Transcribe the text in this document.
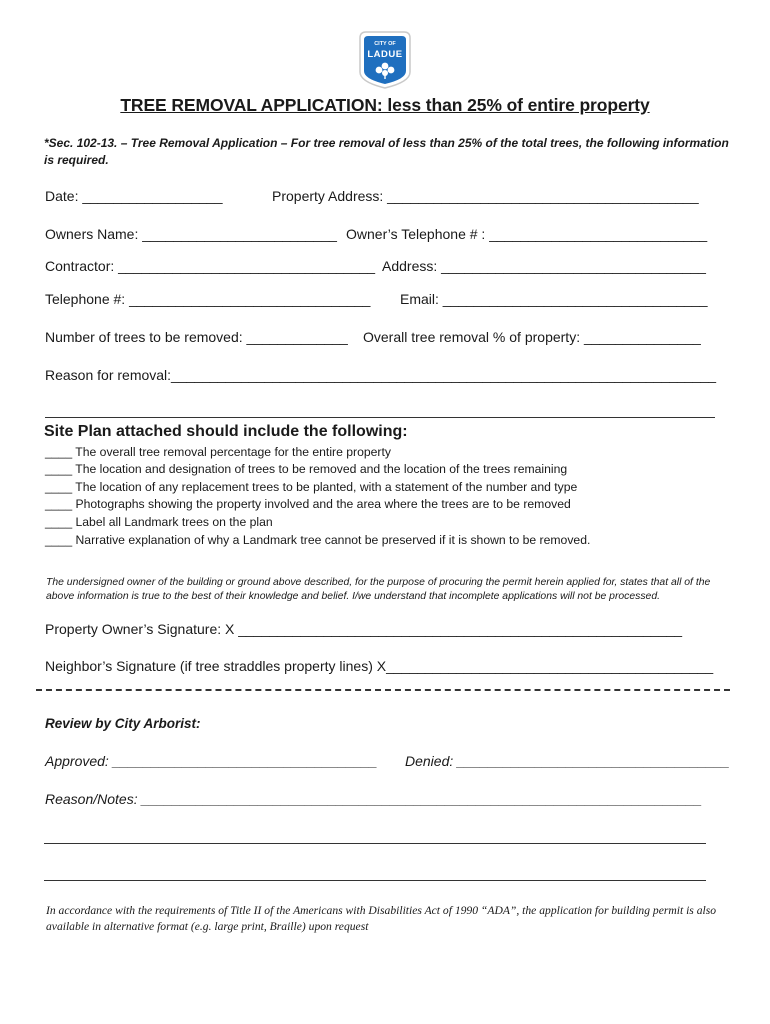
CITY OF
LADUE
TREE REMOVAL APPLICATION: less than 25% of entire property
*Sec. 102-13. – Tree Removal Application – For tree removal of less than 25% of the total trees, the following information is required.
Date: __________________	Property Address: ________________________________________
Owners Name: _________________________ Owner’s Telephone # : ____________________________
Contractor: _________________________________ Address: __________________________________
Telephone #: _______________________________ Email: __________________________________
Number of trees to be removed: _____________ Overall tree removal % of property: _______________
Reason for removal:______________________________________________________________________
Site Plan attached should include the following:
____ The overall tree removal percentage for the entire property
____ The location and designation of trees to be removed and the location of the trees remaining
____ The location of any replacement trees to be planted, with a statement of the number and type
____ Photographs showing the property involved and the area where the trees are to be removed
____ Label all Landmark trees on the plan
____ Narrative explanation of why a Landmark tree cannot be preserved if it is shown to be removed.
The undersigned owner of the building or ground above described, for the purpose of procuring the permit herein applied for, states that all of the above information is true to the best of their knowledge and belief. I/we understand that incomplete applications will not be processed.
Property Owner’s Signature: X _________________________________________________________
Neighbor’s Signature (if tree straddles property lines) X__________________________________________
Review by City Arborist:
Approved: __________________________________ Denied: ___________________________________
Reason/Notes: ________________________________________________________________________
In accordance with the requirements of Title II of the Americans with Disabilities Act of 1990 “ADA”, the application for building permit is also available in alternative format (e.g. large print, Braille) upon request
